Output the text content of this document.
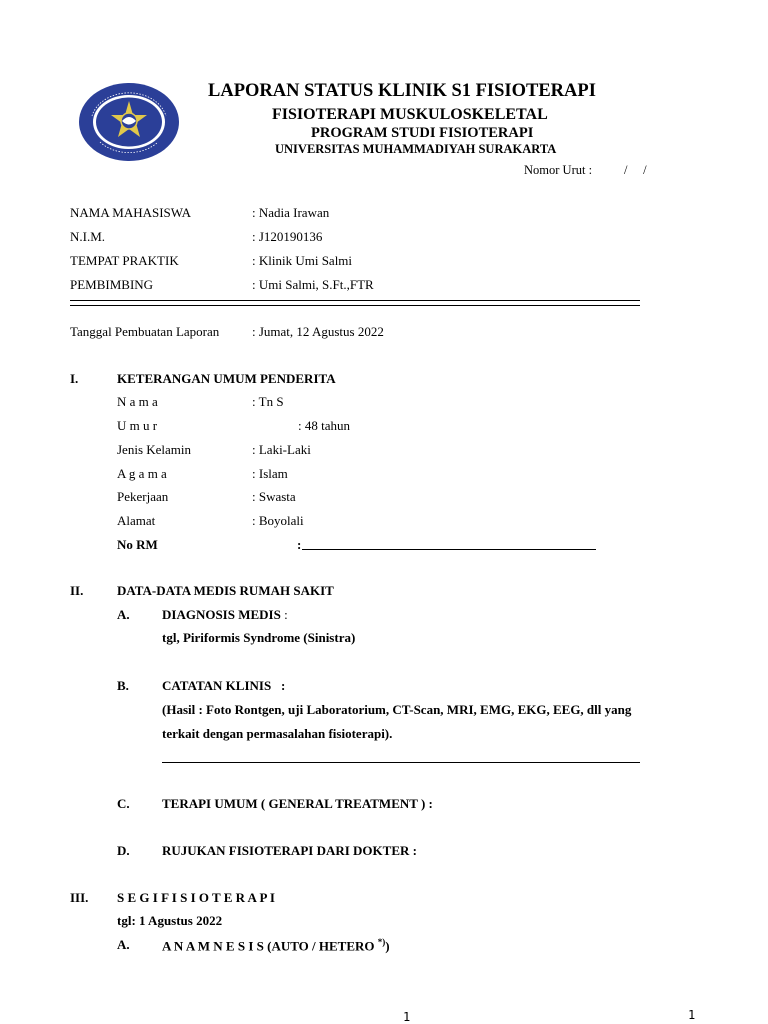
LAPORAN STATUS KLINIK S1 FISIOTERAPI
FISIOTERAPI MUSKULOSKELETAL
PROGRAM STUDI FISIOTERAPI
UNIVERSITAS MUHAMMADIYAH SURAKARTA
Nomor Urut :	/     /
NAMA MAHASISWA	: Nadia Irawan
N.I.M.	: J120190136
TEMPAT PRAKTIK	: Klinik Umi Salmi
PEMBIMBING	: Umi Salmi, S.Ft.,FTR
Tanggal Pembuatan Laporan	: Jumat, 12 Agustus 2022
I.	KETERANGAN UMUM PENDERITA
N a m a	: Tn S
U m u r	: 48 tahun
Jenis Kelamin	: Laki-Laki
A g a m a	: Islam
Pekerjaan	: Swasta
Alamat	: Boyolali
No RM	:
II.	DATA-DATA MEDIS RUMAH SAKIT
A. DIAGNOSIS MEDIS :
tgl, Piriformis Syndrome (Sinistra)
B.	CATATAN KLINIS   :
(Hasil : Foto Rontgen, uji Laboratorium, CT-Scan, MRI, EMG, EKG, EEG, dll yang
terkait dengan permasalahan fisioterapi).
C. TERAPI UMUM ( GENERAL TREATMENT ) :
D. RUJUKAN FISIOTERAPI DARI DOKTER :
III. S E G I F I S I O T E R A P I
tgl: 1 Agustus 2022
A. A N A M N E S I S (AUTO / HETERO *))
1	1
